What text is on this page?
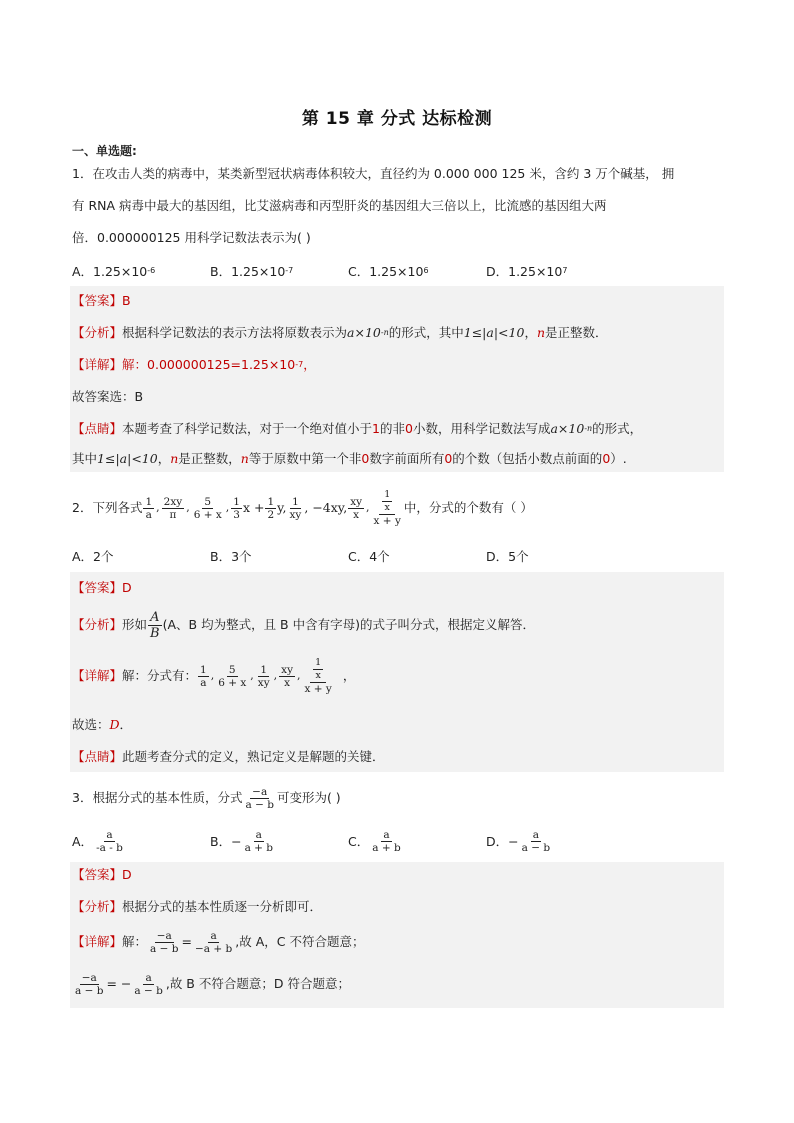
第 15 章 分式 达标检测
一、单选题:
1．在攻击人类的病毒中，某类新型冠状病毒体积较大，直径约为 0.000 000 125 米，含约 3 万个碱基， 拥
有 RNA 病毒中最大的基因组，比艾滋病毒和丙型肝炎的基因组大三倍以上，比流感的基因组大两
倍．0.000000125 用科学记数法表示为( )
A．1.25×10 -6	B．1.25×10 -7	C．1.25×10 6	D．1.25×10 7
【答案】 B
【分析】 根据科学记数法的表示方法将原数表示为 a×10 -n 的形式，其中 1≤|a|<10 ， n 是正整数．
【详解】 解：0.000000125=1.25×10 -7 ，
故答案选：B
【点睛】 本题考查了科学记数法，对于一个绝对值小于 1 的非 0 小数，用科学记数法写成 a×10 -n 的形式，
其中 1≤|a|<10 ， n 是正整数， n 等于原数中第一个非 0 数字前面所有 0 的个数（包括小数点前面的 0 ）.
2．下列各式 $\frac{1}{a}$ , $\frac{2xy}{\pi}$ , $\frac{5}{6 + x}$ , $\frac{1}{3}$ $x + \frac{1}{2} y$, $\frac{1}{xy}$ , −4xy, $\frac{xy}{x}$ , $\frac{\frac{1}{x}}{x + y}$ 中，分式的个数有（ ）
A．2个	B．3个	C．4个	D．5个
【答案】 D
【分析】 形如 $\frac{A}{B} (A$、B 均为整式，且 B 中含有字母)的式子叫分式，根据定义解答．
【详解】 解：分式有： $\frac{1}{a}$ , $\frac{5}{6 + x}$ , $\frac{1}{xy}$ , $\frac{xy}{x}$ , $\frac{\frac{1}{x}}{x + y}$ ，
故选： D ．
【点睛】 此题考查分式的定义，熟记定义是解题的关键．
3．根据分式的基本性质，分式 $\frac{-a}{a - b}$ 可变形为( )
A． $\frac{a}{-a - b}$	B． − $\frac{a}{a + b}$	C． $\frac{a}{a + b}$	D． − $\frac{a}{a - b}$
【答案】 D
【分析】 根据分式的基本性质逐一分析即可．
【详解】 解： $\frac{-a}{a - b} = \frac{a}{-a + b}$ ,故 A，C 不符合题意；
$\frac{-a}{a - b}$ = − $\frac{a}{a - b}$ ,故 B 不符合题意；D 符合题意；
